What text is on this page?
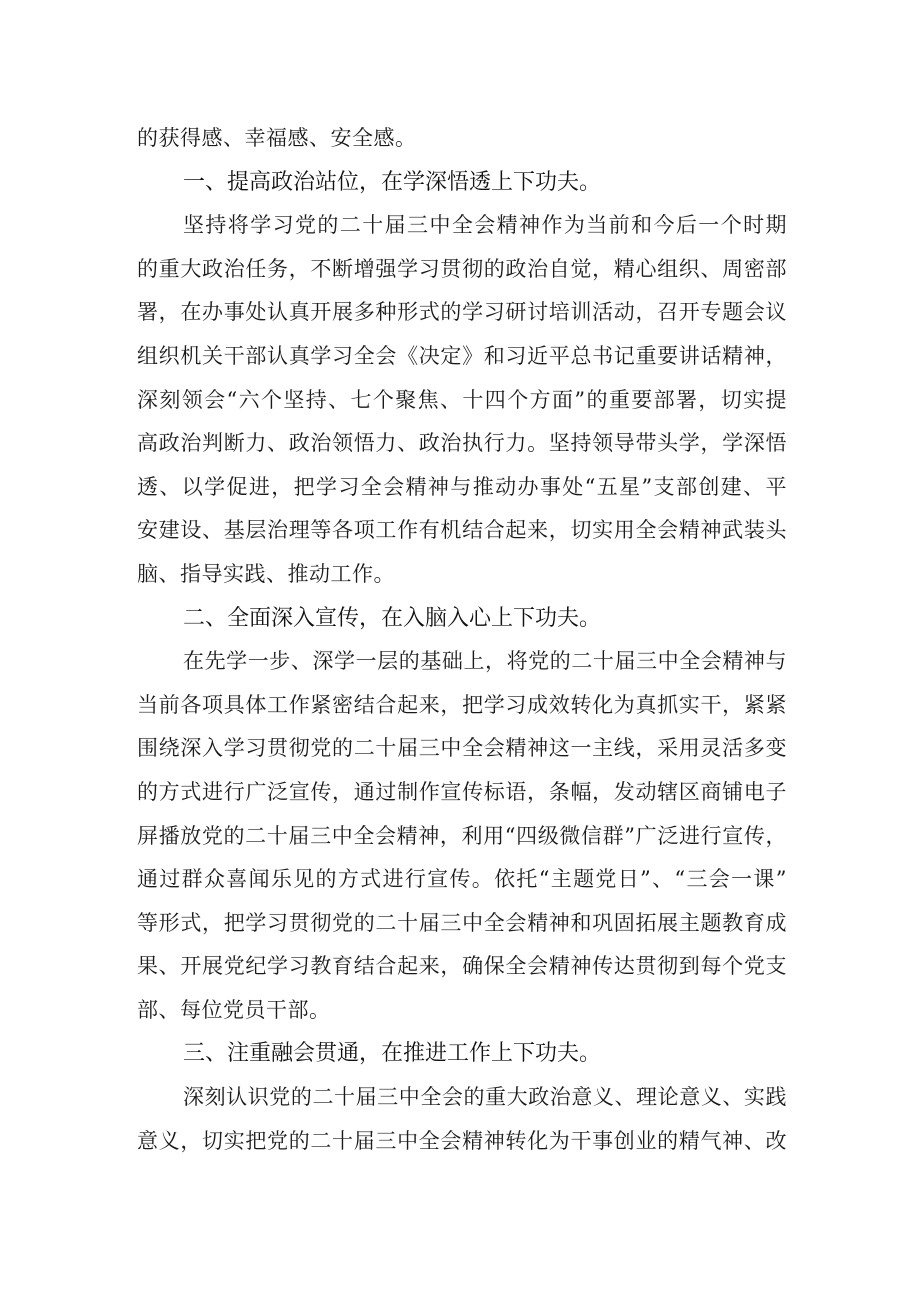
的获得感、幸福感、安全感。
一、提高政治站位，在学深悟透上下功夫。
坚持将学习党的二十届三中全会精神作为当前和今后一个时期
的重大政治任务，不断增强学习贯彻的政治自觉，精心组织、周密部
署，在办事处认真开展多种形式的学习研讨培训活动，召开专题会议
组织机关干部认真学习全会《决定》和习近平总书记重要讲话精神，
深刻领会“六个坚持、七个聚焦、十四个方面”的重要部署，切实提
高政治判断力、政治领悟力、政治执行力。坚持领导带头学，学深悟
透、以学促进，把学习全会精神与推动办事处“五星”支部创建、平
安建设、基层治理等各项工作有机结合起来，切实用全会精神武装头
脑、指导实践、推动工作。
二、全面深入宣传，在入脑入心上下功夫。
在先学一步、深学一层的基础上，将党的二十届三中全会精神与
当前各项具体工作紧密结合起来，把学习成效转化为真抓实干，紧紧
围绕深入学习贯彻党的二十届三中全会精神这一主线，采用灵活多变
的方式进行广泛宣传，通过制作宣传标语，条幅，发动辖区商铺电子
屏播放党的二十届三中全会精神，利用“四级微信群”广泛进行宣传，
通过群众喜闻乐见的方式进行宣传。依托“主题党日”、“三会一课”
等形式，把学习贯彻党的二十届三中全会精神和巩固拓展主题教育成
果、开展党纪学习教育结合起来，确保全会精神传达贯彻到每个党支
部、每位党员干部。
三、注重融会贯通，在推进工作上下功夫。
深刻认识党的二十届三中全会的重大政治意义、理论意义、实践
意义，切实把党的二十届三中全会精神转化为干事创业的精气神、改
